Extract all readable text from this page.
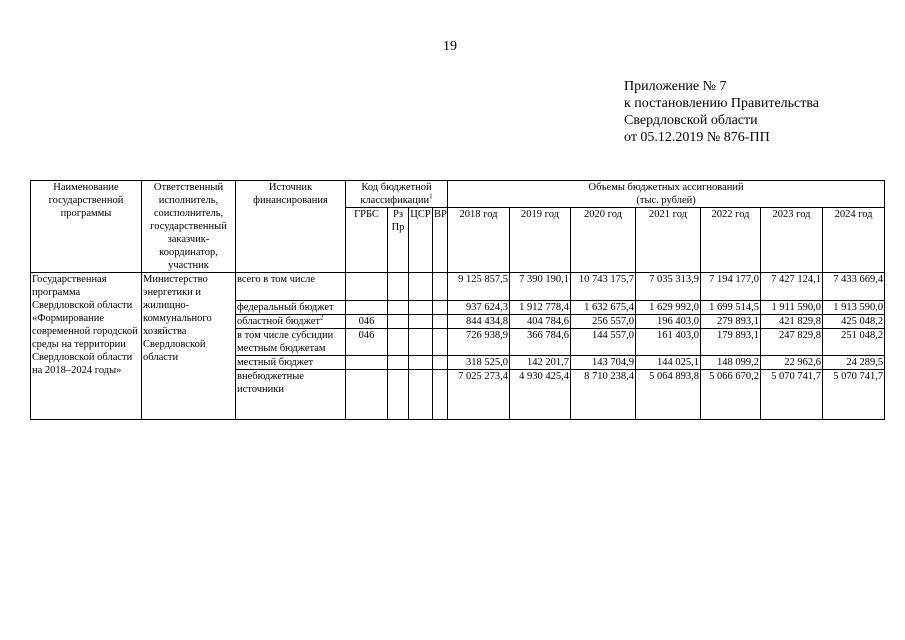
19
Приложение № 7
к постановлению Правительства
Свердловской области
от 05.12.2019 № 876-ПП
Наименование государственной программы	Ответственный исполнитель, соисполнитель, государственный заказчик-координатор, участник	Источник финансирования	Код бюджетной классификации$^1$				Объемы бюджетных ассигнований
(тыс. рублей)						

			ГРБС	Рз Пр	ЦСР	ВР	2018 год	2019 год	2020 год	2021 год	2022 год	2023 год	2024 год
Государственная программа Свердловской области «Формирование современной городской среды на территории Свердловской области на 2018–2024 годы»	Министерство энергетики и жилищно-коммунального хозяйства Свердловской области	всего в том числе					9 125 857,5	7 390 190,1	10 743 175,7	7 035 313,9	7 194 177,0	7 427 124,1	7 433 669,4
		федеральный бюджет					937 624,3	1 912 778,4	1 632 675,4	1 629 992,0	1 699 514,5	1 911 590,0	1 913 590,0
		областной бюджет$^2$	046				844 434,8	404 784,6	256 557,0	196 403,0	279 893,1	421 829,8	425 048,2
		в том числе субсидии местным бюджетам	046				726 938,9	366 784,6	144 557,0	161 403,0	179 893,1	247 829,8	251 048,2
		местный бюджет					318 525,0	142 201,7	143 704,9	144 025,1	148 099,2	22 962,6	24 289,5
		внебюджетные источники					7 025 273,4	4 930 425,4	8 710 238,4	5 064 893,8	5 066 670,2	5 070 741,7	5 070 741,7
